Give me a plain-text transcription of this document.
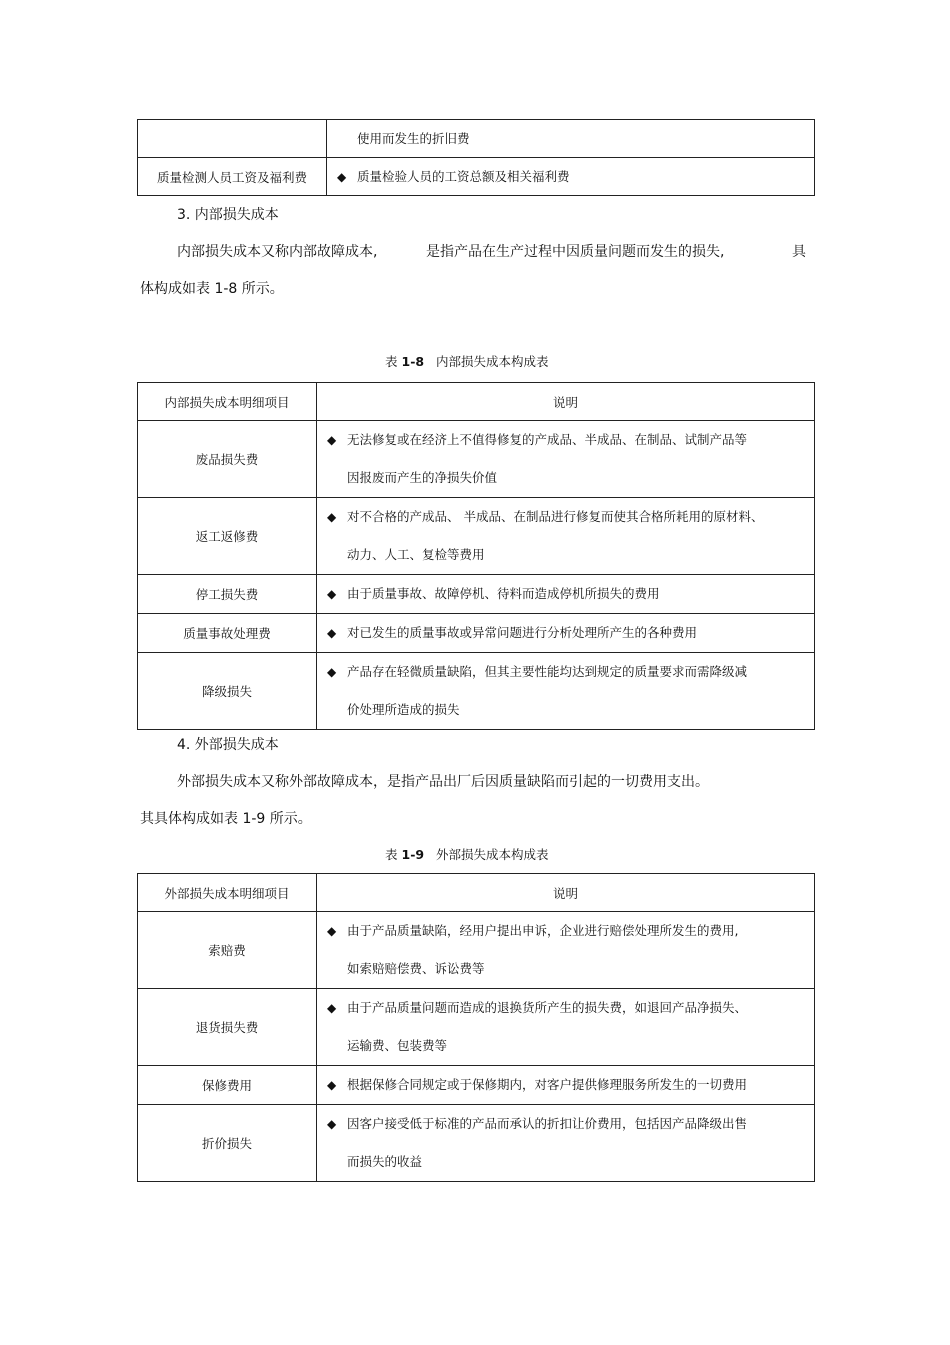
	使用而发生的折旧费

质量检测人员工资及福利费	◆ 质量检验人员的工资总额及相关福利费
3. 内部损失成本
内部损失成本又称内部故障成本,	是指产品在生产过程中因质量问题而发生的损失,	具
体构成如表 1-8 所示。
表 1-8 内部损失成本构成表
内部损失成本明细项目	说明
废品损失费	◆ 无法修复或在经济上不值得修复的产成品、半成品、在制品、试制产品等
因报废而产生的净损失价值

返工返修费	◆ 对不合格的产成品、 半成品、在制品进行修复而使其合格所耗用的原材料、
动力、人工、复检等费用

停工损失费	◆ 由于质量事故、故障停机、待料而造成停机所损失的费用

质量事故处理费	◆ 对已发生的质量事故或异常问题进行分析处理所产生的各种费用

降级损失	◆ 产品存在轻微质量缺陷，但其主要性能均达到规定的质量要求而需降级减
价处理所造成的损失
4. 外部损失成本
外部损失成本又称外部故障成本，是指产品出厂后因质量缺陷而引起的一切费用支出。
其具体构成如表 1-9 所示。
表 1-9 外部损失成本构成表
外部损失成本明细项目	说明
索赔费	◆ 由于产品质量缺陷，经用户提出申诉，企业进行赔偿处理所发生的费用,
如索赔赔偿费、诉讼费等

退货损失费	◆ 由于产品质量问题而造成的退换货所产生的损失费，如退回产品净损失、
运输费、包装费等

保修费用	◆ 根据保修合同规定或于保修期内，对客户提供修理服务所发生的一切费用

折价损失	◆ 因客户接受低于标准的产品而承认的折扣让价费用，包括因产品降级出售
而损失的收益
